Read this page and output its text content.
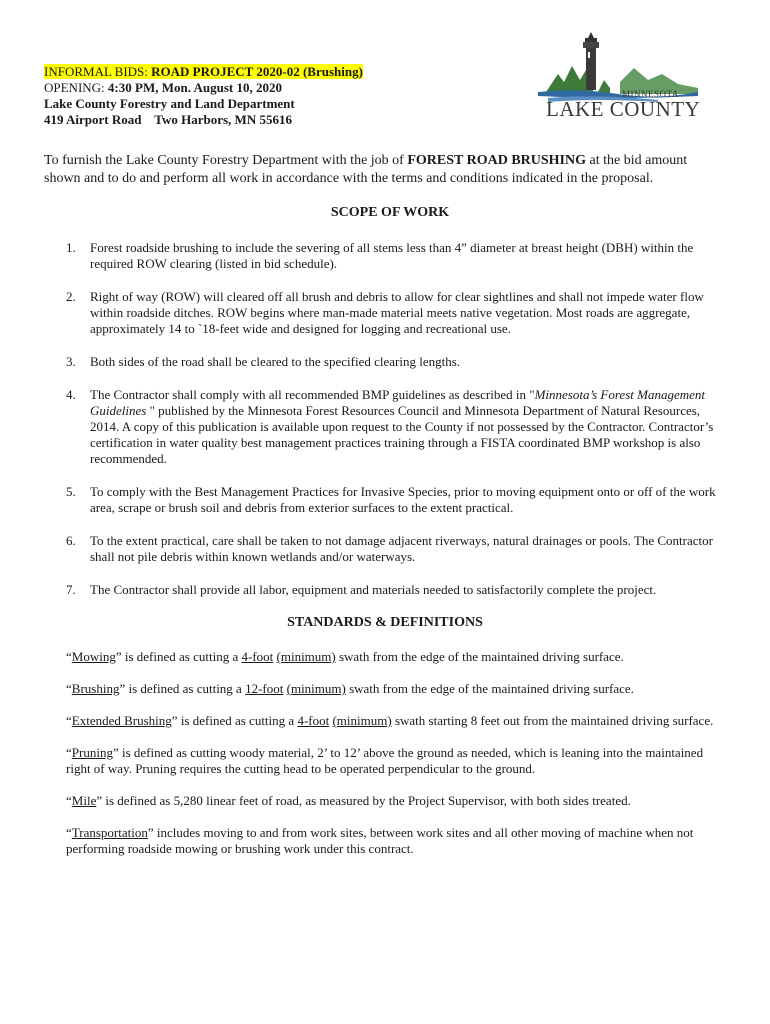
INFORMAL BIDS: ROAD PROJECT 2020-02 (Brushing)
OPENING: 4:30 PM, Mon. August 10, 2020
Lake County Forestry and Land Department
419 Airport Road    Two Harbors, MN 55616
MINNESOTA
LAKE COUNTY
To furnish the Lake County Forestry Department with the job of FOREST ROAD BRUSHING at the bid amount shown and to do and perform all work in accordance with the terms and conditions indicated in the proposal.
SCOPE OF WORK
1. Forest roadside brushing to include the severing of all stems less than 4” diameter at breast height (DBH) within the required ROW clearing (listed in bid schedule).
2. Right of way (ROW) will cleared off all brush and debris to allow for clear sightlines and shall not impede water flow within roadside ditches. ROW begins where man-made material meets native vegetation. Most roads are aggregate, approximately 14 to `18-feet wide and designed for logging and recreational use.
3. Both sides of the road shall be cleared to the specified clearing lengths.
4. The Contractor shall comply with all recommended BMP guidelines as described in "Minnesota’s Forest Management Guidelines " published by the Minnesota Forest Resources Council and Minnesota Department of Natural Resources, 2014. A copy of this publication is available upon request to the County if not possessed by the Contractor. Contractor’s certification in water quality best management practices training through a FISTA coordinated BMP workshop is also recommended.
5. To comply with the Best Management Practices for Invasive Species, prior to moving equipment onto or off of the work area, scrape or brush soil and debris from exterior surfaces to the extent practical.
6. To the extent practical, care shall be taken to not damage adjacent riverways, natural drainages or pools. The Contractor shall not pile debris within known wetlands and/or waterways.
7. The Contractor shall provide all labor, equipment and materials needed to satisfactorily complete the project.
STANDARDS & DEFINITIONS
“Mowing” is defined as cutting a 4-foot (minimum) swath from the edge of the maintained driving surface.
“Brushing” is defined as cutting a 12-foot (minimum) swath from the edge of the maintained driving surface.
“Extended Brushing” is defined as cutting a 4-foot (minimum) swath starting 8 feet out from the maintained driving surface.
“Pruning” is defined as cutting woody material, 2’ to 12’ above the ground as needed, which is leaning into the maintained right of way. Pruning requires the cutting head to be operated perpendicular to the ground.
“Mile” is defined as 5,280 linear feet of road, as measured by the Project Supervisor, with both sides treated.
“Transportation” includes moving to and from work sites, between work sites and all other moving of machine when not performing roadside mowing or brushing work under this contract.
